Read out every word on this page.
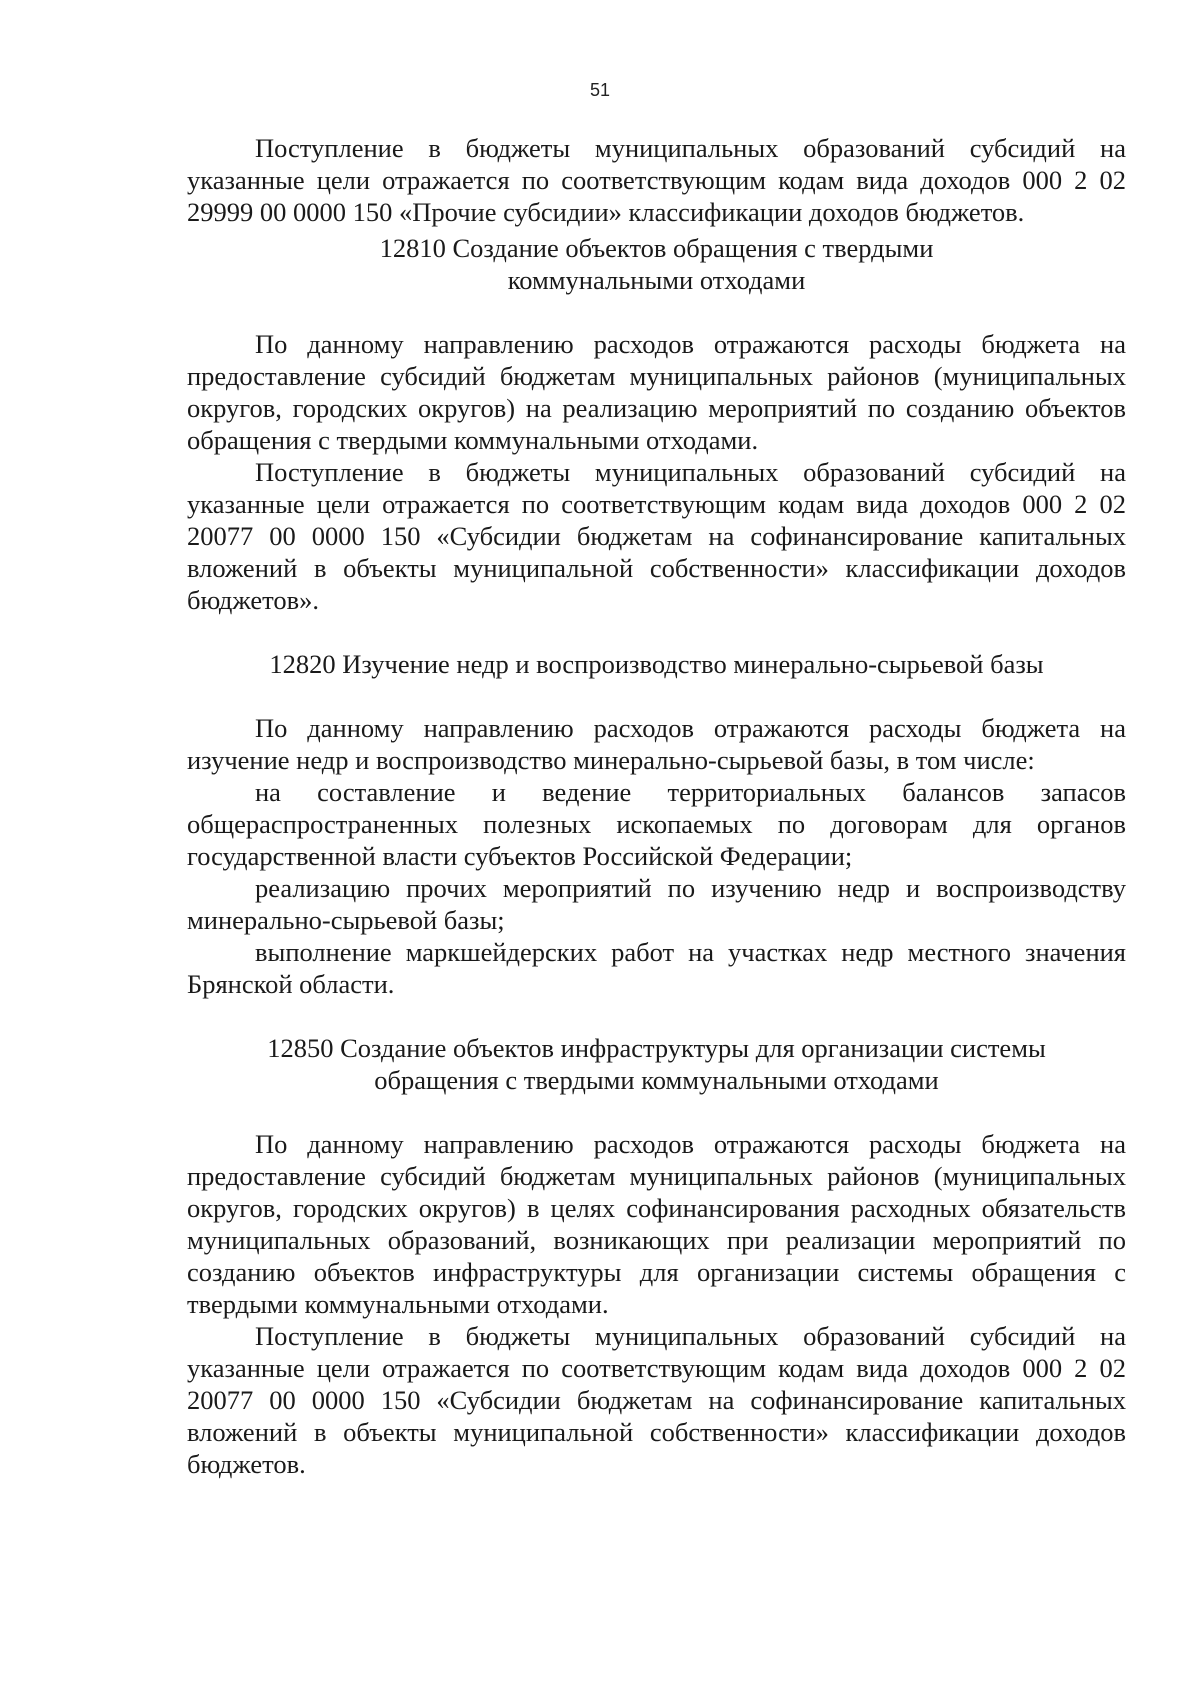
51

Поступление в бюджеты муниципальных образований субсидий на указанные цели отражается по соответствующим кодам вида доходов 000 2 02 29999 00 0000 150 «Прочие субсидии» классификации доходов бюджетов.

12810 Создание объектов обращения с твердыми
коммунальными отходами

По данному направлению расходов отражаются расходы бюджета на предоставление субсидий бюджетам муниципальных районов (муниципальных округов, городских округов) на реализацию мероприятий по созданию объектов обращения с твердыми коммунальными отходами.

Поступление в бюджеты муниципальных образований субсидий на указанные цели отражается по соответствующим кодам вида доходов 000 2 02 20077 00 0000 150 «Субсидии бюджетам на софинансирование капитальных вложений в объекты муниципальной собственности» классификации доходов бюджетов».

12820 Изучение недр и воспроизводство минерально-сырьевой базы

По данному направлению расходов отражаются расходы бюджета на изучение недр и воспроизводство минерально-сырьевой базы, в том числе:

на составление и ведение территориальных балансов запасов общераспространенных полезных ископаемых по договорам для органов государственной власти субъектов Российской Федерации;

реализацию прочих мероприятий по изучению недр и воспроизводству минерально-сырьевой базы;

выполнение маркшейдерских работ на участках недр местного значения Брянской области.

12850 Создание объектов инфраструктуры для организации системы
обращения с твердыми коммунальными отходами

По данному направлению расходов отражаются расходы бюджета на предоставление субсидий бюджетам муниципальных районов (муниципальных округов, городских округов) в целях софинансирования расходных обязательств муниципальных образований, возникающих при реализации мероприятий по созданию объектов инфраструктуры для организации системы обращения с твердыми коммунальными отходами.

Поступление в бюджеты муниципальных образований субсидий на указанные цели отражается по соответствующим кодам вида доходов 000 2 02 20077 00 0000 150 «Субсидии бюджетам на софинансирование капитальных вложений в объекты муниципальной собственности» классификации доходов бюджетов.
